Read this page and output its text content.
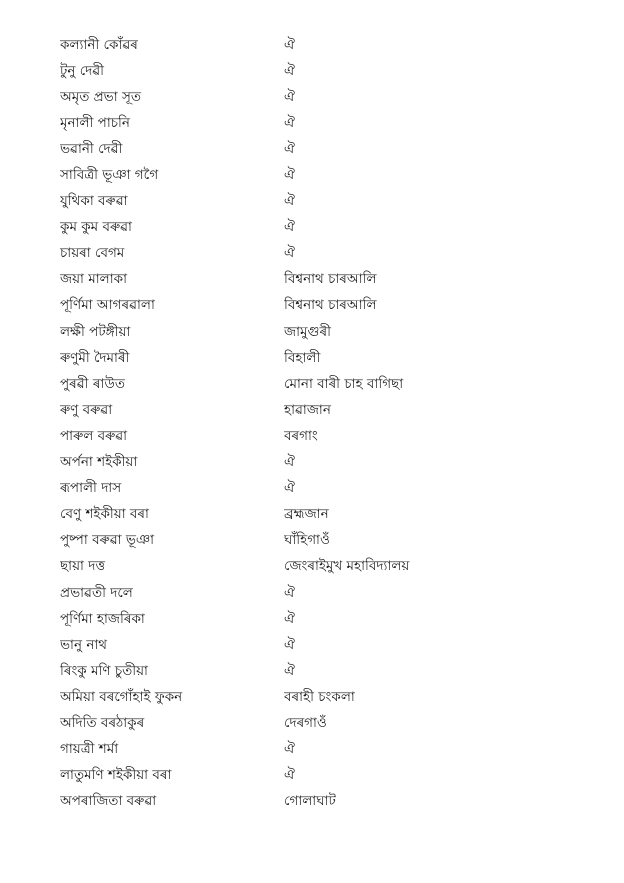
কল্যানী কোঁৱৰ	ঐ
টুনু দেৱী	ঐ
অমৃত প্ৰভা সূত	ঐ
মৃনালী পাচনি	ঐ
ভৱানী দেৱী	ঐ
সাবিত্ৰী ভূঞা গগৈ	ঐ
যুথিকা বৰুৱা	ঐ
কুম কুম বৰুৱা	ঐ
চায়ৰা বেগম	ঐ
জয়া মালাকা	বিশ্বনাথ চাৰআলি
পূৰ্ণিমা আগৰৱালা	বিশ্বনাথ চাৰআলি
লক্ষী পটঙ্গীয়া	জামুগুৰী
ৰুণুমী দৈমাৰী	বিহালী
পুৰৱী ৰাউত	মোনা বাৰী চাহ বাগিছা
ৰুণু বৰুৱা	হাৱাজান
পাৰুল বৰুৱা	বৰগাং
অৰ্পনা শইকীয়া	ঐ
ৰূপালী দাস	ঐ
বেণু শইকীয়া বৰা	ব্ৰহ্মজান
পুষ্পা বৰুৱা ভূঞা	ঘাঁহিগাওঁ
ছায়া দত্ত	জেংৰাইমুখ মহাবিদ্যালয়
প্ৰভাৱতী দলে	ঐ
পূৰ্ণিমা হাজৰিকা	ঐ
ভানু নাথ	ঐ
ৰিংকু মণি চুতীয়া	ঐ
অমিয়া বৰগোঁহাই ফুকন	বৰাহী চংকলা
অদিতি বৰঠাকুৰ	দেৰগাওঁ
গায়ত্ৰী শৰ্মা	ঐ
লাতুমণি শইকীয়া বৰা	ঐ
অপৰাজিতা বৰুৱা	গোলাঘাট
